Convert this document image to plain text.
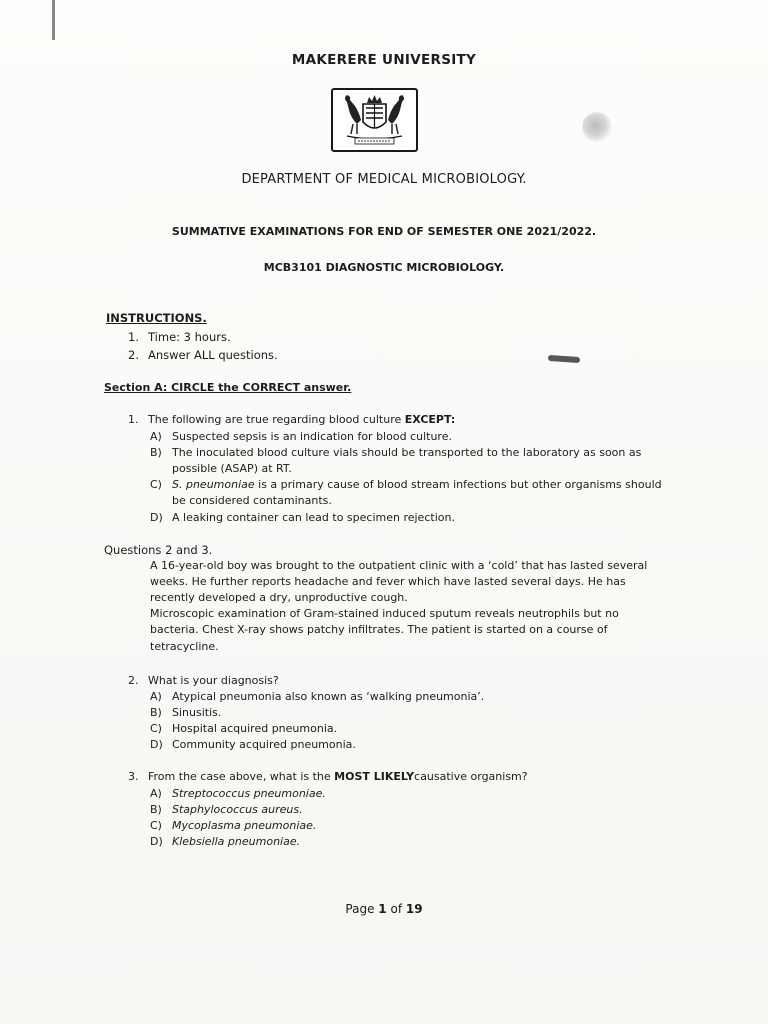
MAKERERE UNIVERSITY
DEPARTMENT OF MEDICAL MICROBIOLOGY.
SUMMATIVE EXAMINATIONS FOR END OF SEMESTER ONE 2021/2022.
MCB3101 DIAGNOSTIC MICROBIOLOGY.
INSTRUCTIONS.
1. Time: 3 hours.
2. Answer ALL questions.
Section A: CIRCLE the CORRECT answer.
1. The following are true regarding blood culture EXCEPT:
A) Suspected sepsis is an indication for blood culture.
B) The inoculated blood culture vials should be transported to the laboratory as soon as
possible (ASAP) at RT.
C) S. pneumoniae is a primary cause of blood stream infections but other organisms should
be considered contaminants.
D) A leaking container can lead to specimen rejection.
Questions 2 and 3.
A 16-year-old boy was brought to the outpatient clinic with a ‘cold’ that has lasted several
weeks. He further reports headache and fever which have lasted several days. He has
recently developed a dry, unproductive cough.
Microscopic examination of Gram-stained induced sputum reveals neutrophils but no
bacteria. Chest X-ray shows patchy infiltrates. The patient is started on a course of
tetracycline.
2. What is your diagnosis?
A) Atypical pneumonia also known as ‘walking pneumonia’.
B) Sinusitis.
C) Hospital acquired pneumonia.
D) Community acquired pneumonia.
3. From the case above, what is the MOST LIKELYcausative organism?
A) Streptococcus pneumoniae.
B) Staphylococcus aureus.
C) Mycoplasma pneumoniae.
D) Klebsiella pneumoniae.
Page 1 of 19
